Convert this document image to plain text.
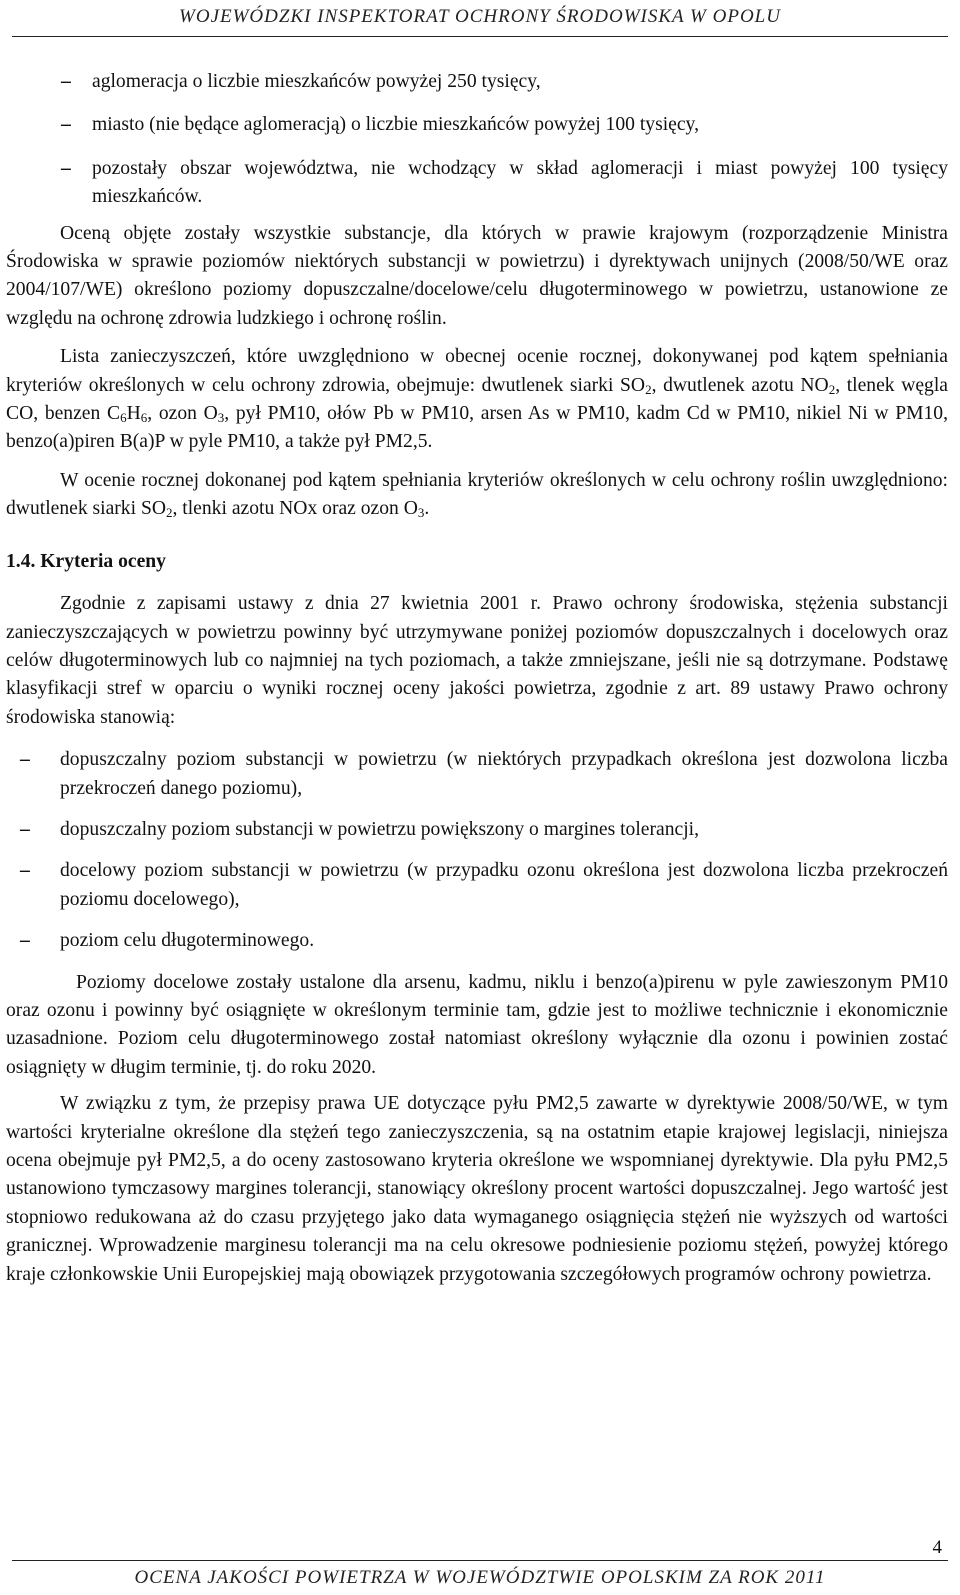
WOJEWÓDZKI INSPEKTORAT OCHRONY ŚRODOWISKA W OPOLU
– aglomeracja o liczbie mieszkańców powyżej 250 tysięcy,
– miasto (nie będące aglomeracją) o liczbie mieszkańców powyżej 100 tysięcy,
– pozostały obszar województwa, nie wchodzący w skład aglomeracji i miast powyżej 100 tysięcy mieszkańców.

Oceną objęte zostały wszystkie substancje, dla których w prawie krajowym (rozporządzenie Ministra Środowiska w sprawie poziomów niektórych substancji w powietrzu) i dyrektywach unijnych (2008/50/WE oraz 2004/107/WE) określono poziomy dopuszczalne/docelowe/celu długoterminowego w powietrzu, ustanowione ze względu na ochronę zdrowia ludzkiego i ochronę roślin.

Lista zanieczyszczeń, które uwzględniono w obecnej ocenie rocznej, dokonywanej pod kątem spełniania kryteriów określonych w celu ochrony zdrowia, obejmuje: dwutlenek siarki $SO_2$, dwutlenek azotu $NO_2$, tlenek węgla CO, benzen $C_6H_6$, ozon $O_3$, pył PM10, ołów Pb w PM10, arsen As w PM10, kadm Cd w PM10, nikiel Ni w PM10, benzo(a)piren B(a)P w pyle PM10, a także pył PM2,5.

W ocenie rocznej dokonanej pod kątem spełniania kryteriów określonych w celu ochrony roślin uwzględniono: dwutlenek siarki $SO_2$, tlenki azotu NOx oraz ozon $O_3$.

1.4. Kryteria oceny

Zgodnie z zapisami ustawy z dnia 27 kwietnia 2001 r. Prawo ochrony środowiska, stężenia substancji zanieczyszczających w powietrzu powinny być utrzymywane poniżej poziomów dopuszczalnych i docelowych oraz celów długoterminowych lub co najmniej na tych poziomach, a także zmniejszane, jeśli nie są dotrzymane. Podstawę klasyfikacji stref w oparciu o wyniki rocznej oceny jakości powietrza, zgodnie z art. 89 ustawy Prawo ochrony środowiska stanowią:

– dopuszczalny poziom substancji w powietrzu (w niektórych przypadkach określona jest dozwolona liczba przekroczeń danego poziomu),
– dopuszczalny poziom substancji w powietrzu powiększony o margines tolerancji,
– docelowy poziom substancji w powietrzu (w przypadku ozonu określona jest dozwolona liczba przekroczeń poziomu docelowego),
– poziom celu długoterminowego.

Poziomy docelowe zostały ustalone dla arsenu, kadmu, niklu i benzo(a)pirenu w pyle zawieszonym PM10 oraz ozonu i powinny być osiągnięte w określonym terminie tam, gdzie jest to możliwe technicznie i ekonomicznie uzasadnione. Poziom celu długoterminowego został natomiast określony wyłącznie dla ozonu i powinien zostać osiągnięty w długim terminie, tj. do roku 2020.

W związku z tym, że przepisy prawa UE dotyczące pyłu PM2,5 zawarte w dyrektywie 2008/50/WE, w tym wartości kryterialne określone dla stężeń tego zanieczyszczenia, są na ostatnim etapie krajowej legislacji, niniejsza ocena obejmuje pył PM2,5, a do oceny zastosowano kryteria określone we wspomnianej dyrektywie. Dla pyłu PM2,5 ustanowiono tymczasowy margines tolerancji, stanowiący określony procent wartości dopuszczalnej. Jego wartość jest stopniowo redukowana aż do czasu przyjętego jako data wymaganego osiągnięcia stężeń nie wyższych od wartości granicznej. Wprowadzenie marginesu tolerancji ma na celu okresowe podniesienie poziomu stężeń, powyżej którego kraje członkowskie Unii Europejskiej mają obowiązek przygotowania szczegółowych programów ochrony powietrza.

4
OCENA JAKOŚCI POWIETRZA W WOJEWÓDZTWIE OPOLSKIM ZA ROK 2011
